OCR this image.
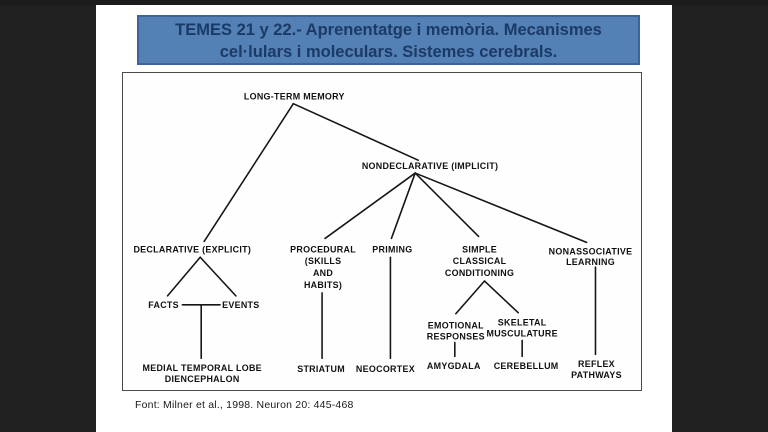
TEMES 21 y 22.- Aprenentatge i memòria. Mecanismes
cel·lulars i moleculars. Sistemes cerebrals.
LONG-TERM MEMORY
NONDECLARATIVE (IMPLICIT)
DECLARATIVE (EXPLICIT)
FACTS	EVENTS
PROCEDURAL
(SKILLS
AND
HABITS)
PRIMING	SIMPLE
CLASSICAL
CONDITIONING
NONASSOCIATIVE
LEARNING
EMOTIONAL
RESPONSES
SKELETAL
MUSCULATURE
MEDIAL TEMPORAL LOBE
DIENCEPHALON
STRIATUM NEOCORTEX AMYGDALA CEREBELLUM REFLEX
PATHWAYS
Font: Milner et al., 1998. Neuron 20: 445-468
